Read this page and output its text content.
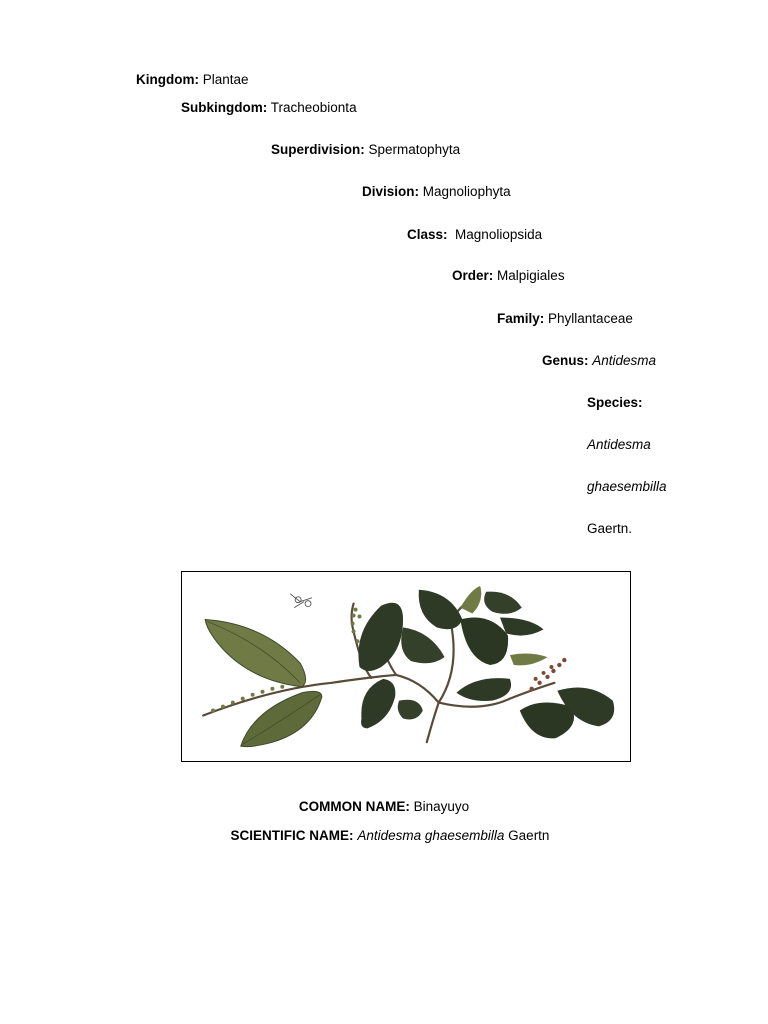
Kingdom: Plantae
Subkingdom: Tracheobionta
Superdivision: Spermatophyta
Division: Magnoliophyta
Class: Magnoliopsida
Order: Malpigiales
Family: Phyllantaceae
Genus: Antidesma
Species:
Antidesma
ghaesembilla
Gaertn.
COMMON NAME: Binayuyo
SCIENTIFIC NAME: Antidesma ghaesembilla Gaertn
